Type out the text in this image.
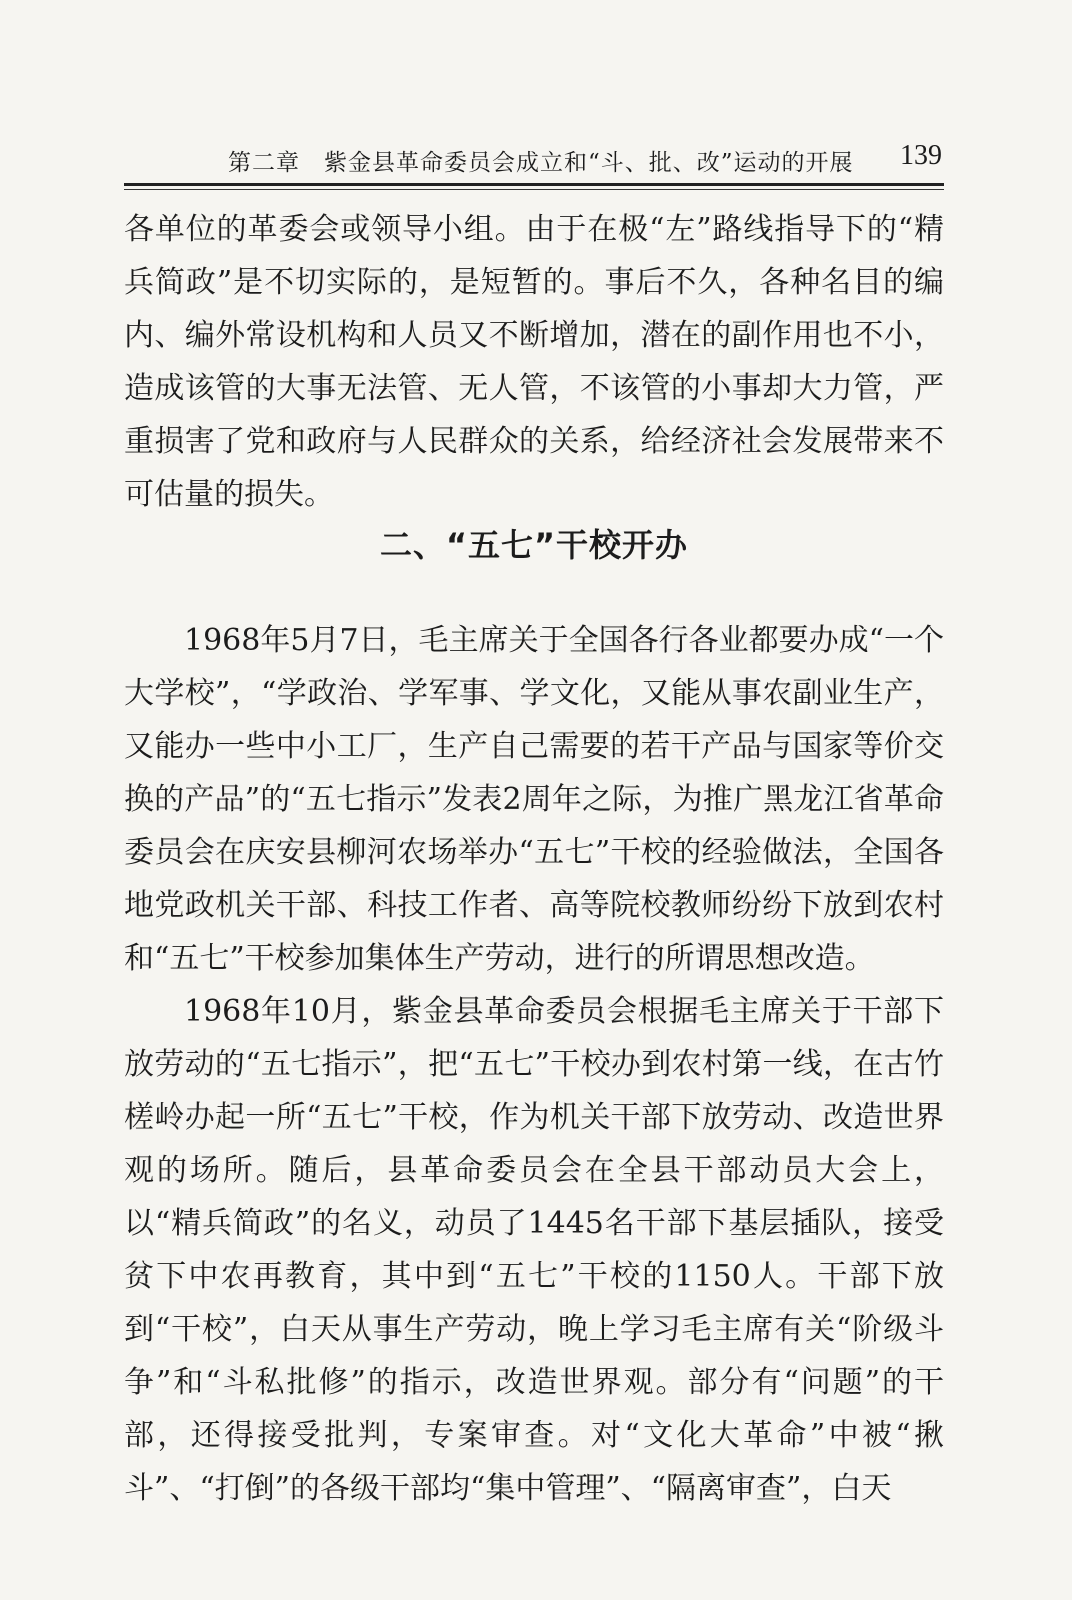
第二章　紫金县革命委员会成立和“斗、批、改”运动的开展 139

各单位的革委会或领导小组。由于在极“左”路线指导下的“精兵简政”是不切实际的，是短暂的。事后不久，各种名目的编内、编外常设机构和人员又不断增加，潜在的副作用也不小，造成该管的大事无法管、无人管，不该管的小事却大力管，严重损害了党和政府与人民群众的关系，给经济社会发展带来不可估量的损失。

二、“五七”干校开办

1968年5月7日，毛主席关于全国各行各业都要办成“一个大学校”，“学政治、学军事、学文化，又能从事农副业生产，又能办一些中小工厂，生产自己需要的若干产品与国家等价交换的产品”的“五七指示”发表2周年之际，为推广黑龙江省革命委员会在庆安县柳河农场举办“五七”干校的经验做法，全国各地党政机关干部、科技工作者、高等院校教师纷纷下放到农村和“五七”干校参加集体生产劳动，进行的所谓思想改造。

1968年10月，紫金县革命委员会根据毛主席关于干部下放劳动的“五七指示”，把“五七”干校办到农村第一线，在古竹槎岭办起一所“五七”干校，作为机关干部下放劳动、改造世界观的场所。随后，县革命委员会在全县干部动员大会上，以“精兵简政”的名义，动员了1445名干部下基层插队，接受贫下中农再教育，其中到“五七”干校的1150人。干部下放到“干校”，白天从事生产劳动，晚上学习毛主席有关“阶级斗争”和“斗私批修”的指示，改造世界观。部分有“问题”的干部，还得接受批判，专案审查。对“文化大革命”中被“揪斗”、“打倒”的各级干部均“集中管理”、“隔离审查”，白天
